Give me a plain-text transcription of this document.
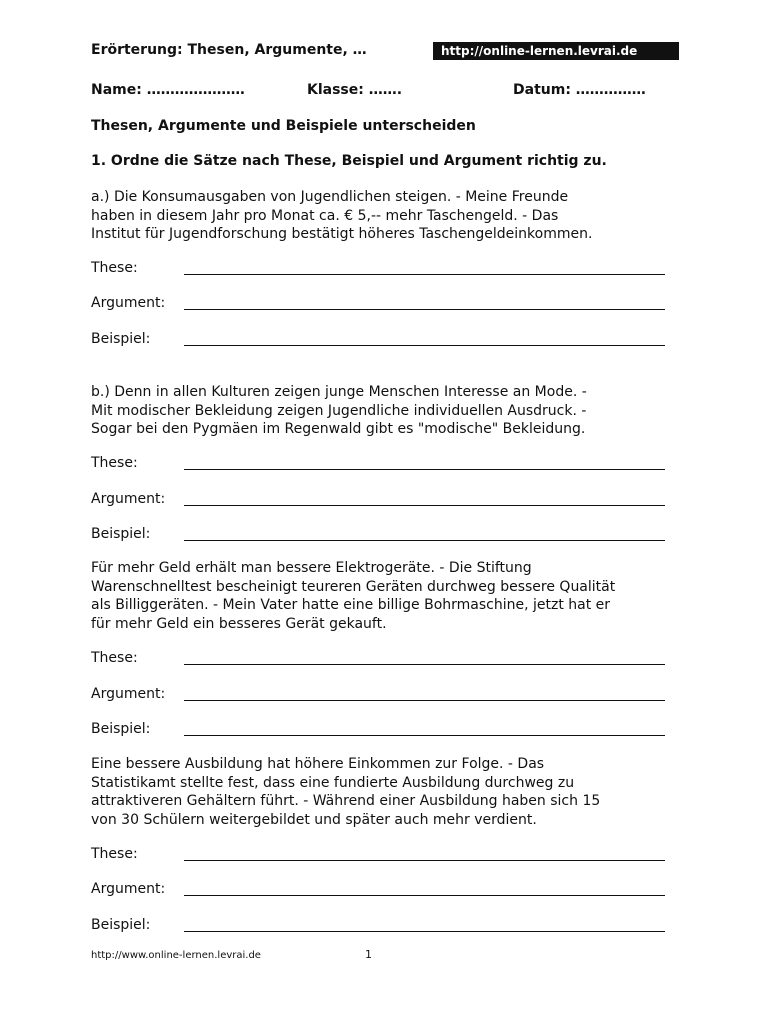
Erörterung: Thesen, Argumente, …	http://online-lernen.levrai.de
Name: …………………	Klasse: …….	Datum: ……………
Thesen, Argumente und Beispiele unterscheiden
1. Ordne die Sätze nach These, Beispiel und Argument richtig zu.
a.) Die Konsumausgaben von Jugendlichen steigen. - Meine Freunde
haben in diesem Jahr pro Monat ca. € 5,-- mehr Taschengeld. - Das
Institut für Jugendforschung bestätigt höheres Taschengeldeinkommen.
These:
Argument:
Beispiel:
b.) Denn in allen Kulturen zeigen junge Menschen Interesse an Mode. -
Mit modischer Bekleidung zeigen Jugendliche individuellen Ausdruck. -
Sogar bei den Pygmäen im Regenwald gibt es "modische" Bekleidung.
These:
Argument:
Beispiel:
Für mehr Geld erhält man bessere Elektrogeräte. - Die Stiftung
Warenschnelltest bescheinigt teureren Geräten durchweg bessere Qualität
als Billiggeräten. - Mein Vater hatte eine billige Bohrmaschine, jetzt hat er
für mehr Geld ein besseres Gerät gekauft.
These:
Argument:
Beispiel:
Eine bessere Ausbildung hat höhere Einkommen zur Folge. - Das
Statistikamt stellte fest, dass eine fundierte Ausbildung durchweg zu
attraktiveren Gehältern führt. - Während einer Ausbildung haben sich 15
von 30 Schülern weitergebildet und später auch mehr verdient.
These:
Argument:
Beispiel:
http://www.online-lernen.levrai.de	1
